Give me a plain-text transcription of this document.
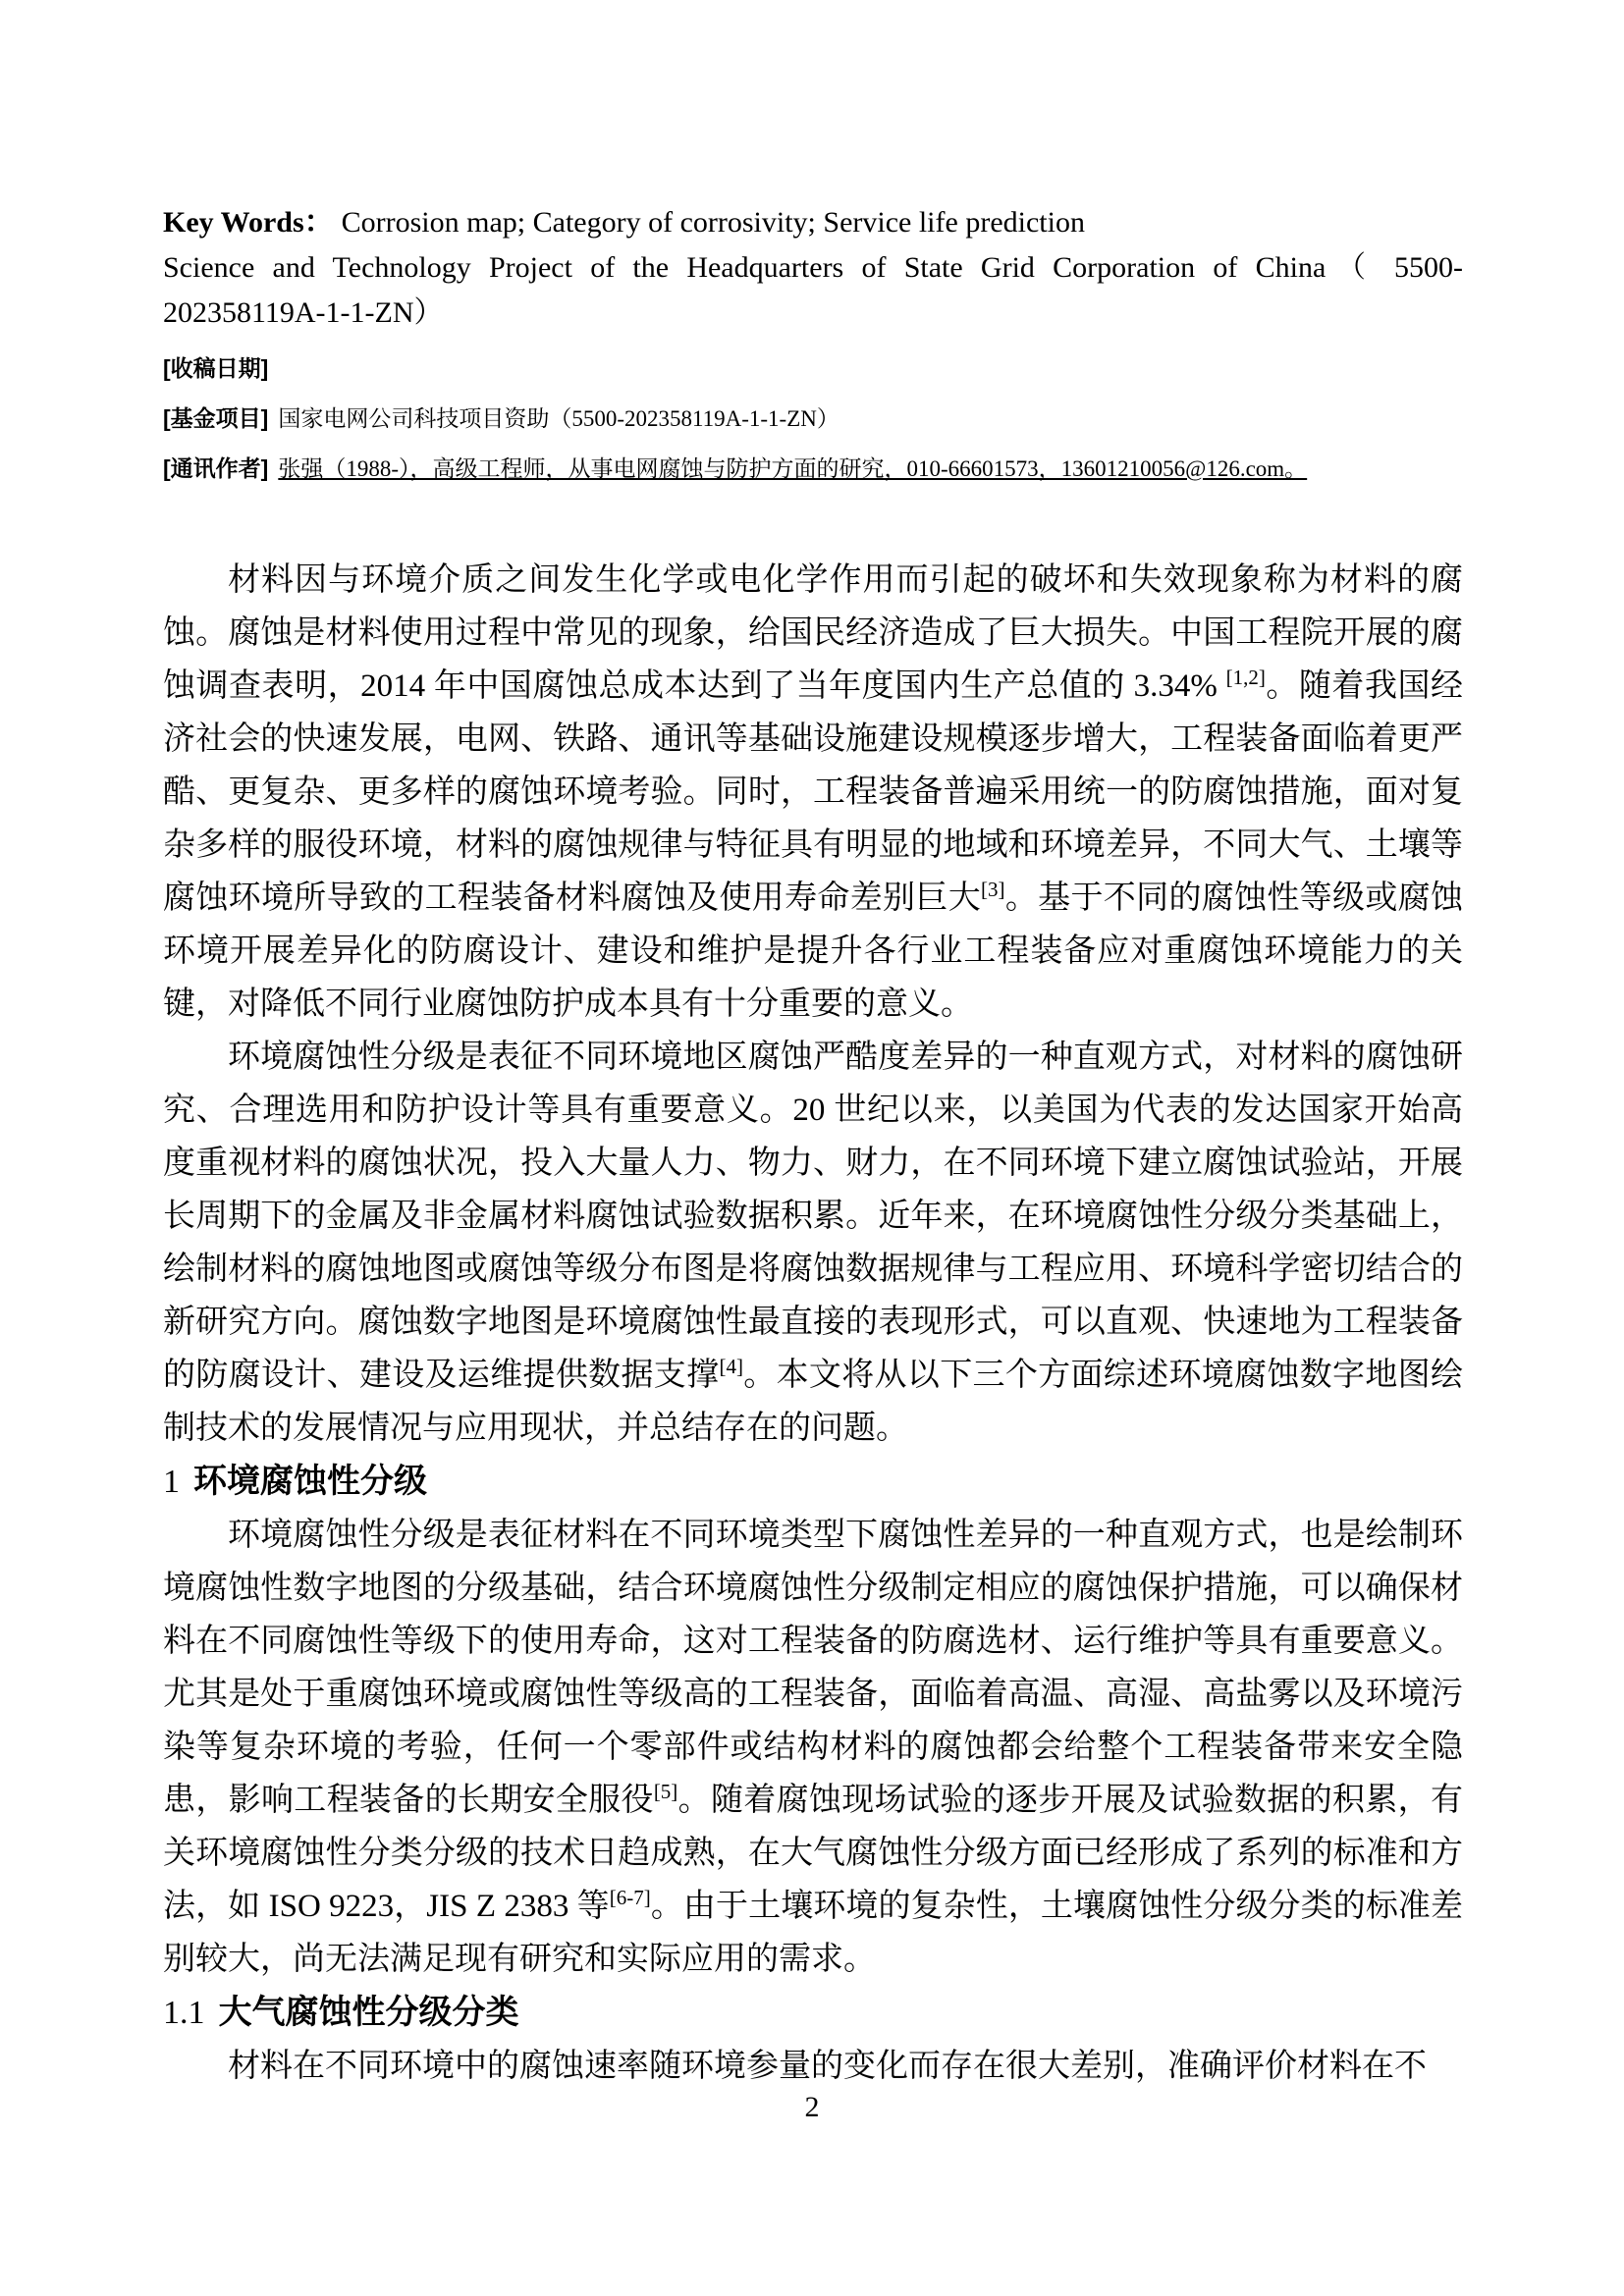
Key Words： Corrosion map; Category of corrosivity; Service life prediction

Science and Technology Project of the Headquarters of State Grid Corporation of China（ 5500-202358119A-1-1-ZN）

[收稿日期]

[基金项目] 国家电网公司科技项目资助（5500-202358119A-1-1-ZN）

[通讯作者] 张强（1988-），高级工程师，从事电网腐蚀与防护方面的研究，010-66601573，13601210056@126.com。

材料因与环境介质之间发生化学或电化学作用而引起的破坏和失效现象称为材料的腐蚀。腐蚀是材料使用过程中常见的现象，给国民经济造成了巨大损失。中国工程院开展的腐蚀调查表明，2014 年中国腐蚀总成本达到了当年度国内生产总值的 3.34% [1,2]。随着我国经济社会的快速发展，电网、铁路、通讯等基础设施建设规模逐步增大，工程装备面临着更严酷、更复杂、更多样的腐蚀环境考验。同时，工程装备普遍采用统一的防腐蚀措施，面对复杂多样的服役环境，材料的腐蚀规律与特征具有明显的地域和环境差异，不同大气、土壤等腐蚀环境所导致的工程装备材料腐蚀及使用寿命差别巨大[3]。基于不同的腐蚀性等级或腐蚀环境开展差异化的防腐设计、建设和维护是提升各行业工程装备应对重腐蚀环境能力的关键，对降低不同行业腐蚀防护成本具有十分重要的意义。

环境腐蚀性分级是表征不同环境地区腐蚀严酷度差异的一种直观方式，对材料的腐蚀研究、合理选用和防护设计等具有重要意义。20 世纪以来，以美国为代表的发达国家开始高度重视材料的腐蚀状况，投入大量人力、物力、财力，在不同环境下建立腐蚀试验站，开展长周期下的金属及非金属材料腐蚀试验数据积累。近年来，在环境腐蚀性分级分类基础上，绘制材料的腐蚀地图或腐蚀等级分布图是将腐蚀数据规律与工程应用、环境科学密切结合的新研究方向。腐蚀数字地图是环境腐蚀性最直接的表现形式，可以直观、快速地为工程装备的防腐设计、建设及运维提供数据支撑[4]。本文将从以下三个方面综述环境腐蚀数字地图绘制技术的发展情况与应用现状，并总结存在的问题。

1 环境腐蚀性分级

环境腐蚀性分级是表征材料在不同环境类型下腐蚀性差异的一种直观方式，也是绘制环境腐蚀性数字地图的分级基础，结合环境腐蚀性分级制定相应的腐蚀保护措施，可以确保材料在不同腐蚀性等级下的使用寿命，这对工程装备的防腐选材、运行维护等具有重要意义。尤其是处于重腐蚀环境或腐蚀性等级高的工程装备，面临着高温、高湿、高盐雾以及环境污染等复杂环境的考验，任何一个零部件或结构材料的腐蚀都会给整个工程装备带来安全隐患，影响工程装备的长期安全服役[5]。随着腐蚀现场试验的逐步开展及试验数据的积累，有关环境腐蚀性分类分级的技术日趋成熟，在大气腐蚀性分级方面已经形成了系列的标准和方法，如 ISO 9223，JIS Z 2383 等[6-7]。由于土壤环境的复杂性，土壤腐蚀性分级分类的标准差别较大，尚无法满足现有研究和实际应用的需求。

1.1 大气腐蚀性分级分类

材料在不同环境中的腐蚀速率随环境参量的变化而存在很大差别，准确评价材料在不

2
